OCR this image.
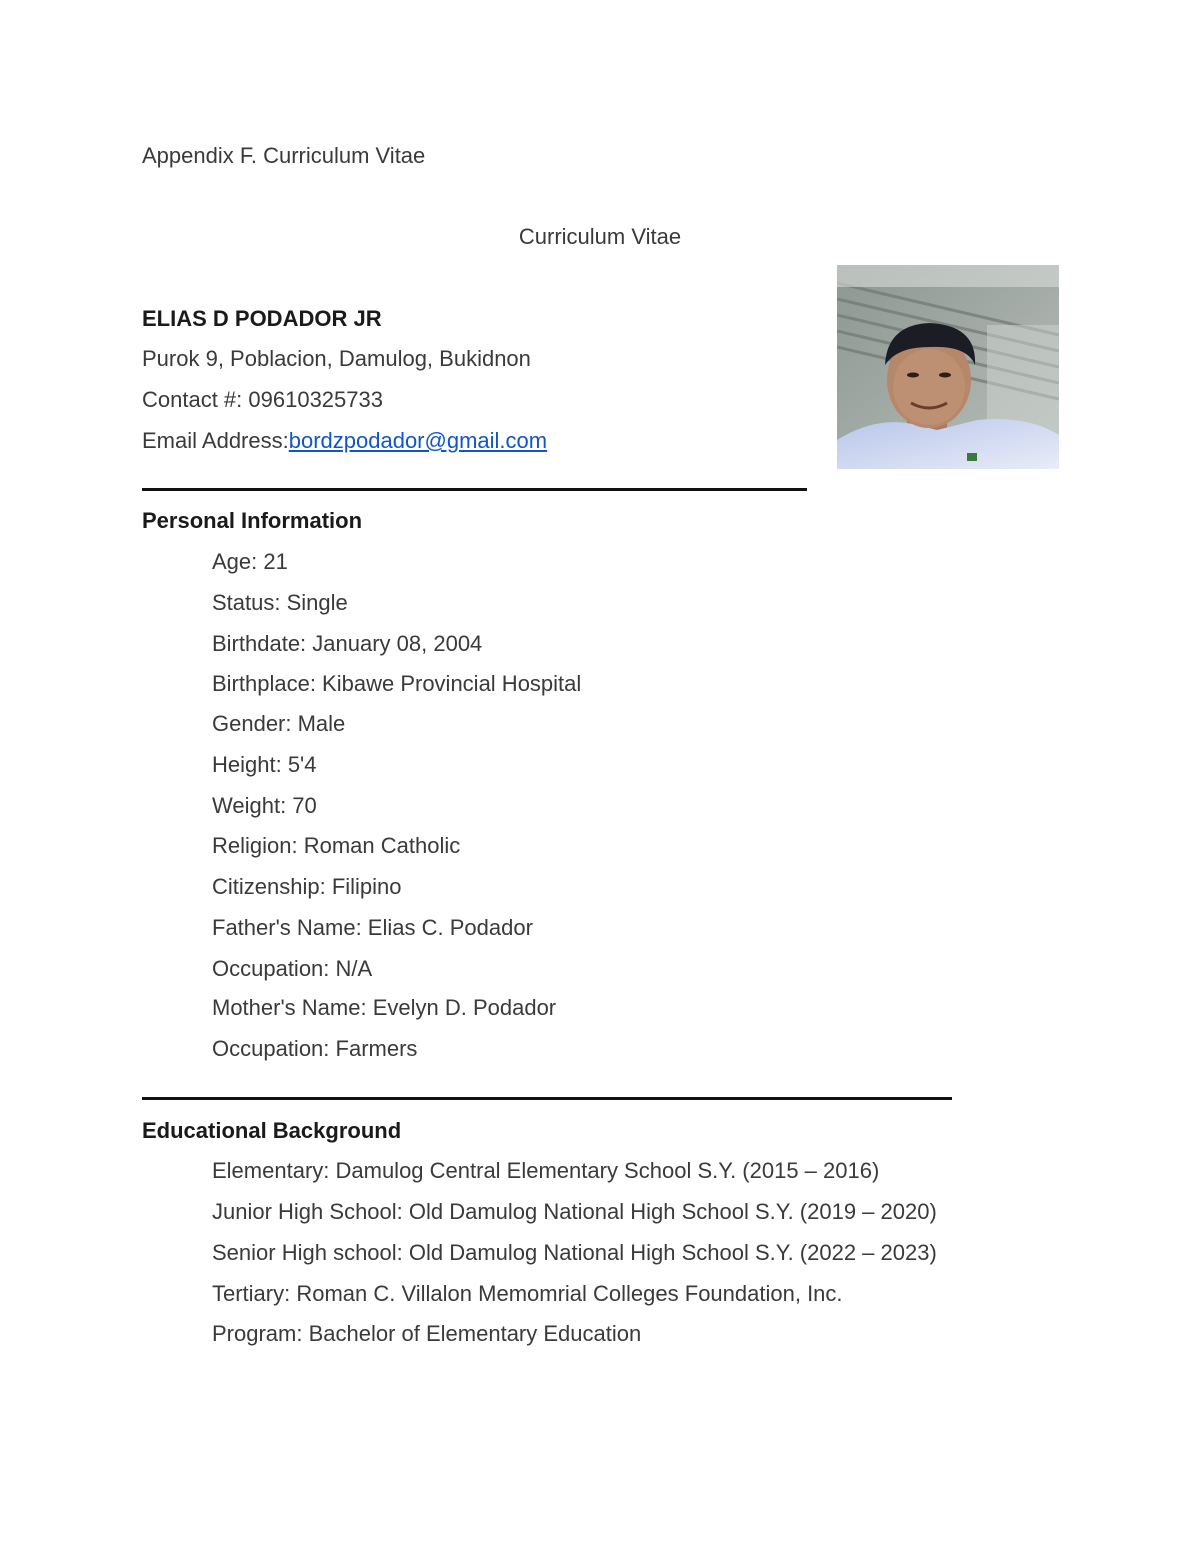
Appendix F. Curriculum Vitae
Curriculum Vitae
ELIAS D PODADOR JR
Purok 9, Poblacion, Damulog, Bukidnon
Contact #: 09610325733
Email Address:bordzpodador@gmail.com
Personal Information
Age: 21
Status: Single
Birthdate: January 08, 2004
Birthplace: Kibawe Provincial Hospital
Gender: Male
Height: 5'4
Weight: 70
Religion: Roman Catholic
Citizenship: Filipino
Father's Name: Elias C. Podador
Occupation: N/A
Mother's Name: Evelyn D. Podador
Occupation: Farmers
Educational Background
Elementary: Damulog Central Elementary School S.Y. (2015 – 2016)
Junior High School: Old Damulog National High School S.Y. (2019 – 2020)
Senior High school: Old Damulog National High School S.Y. (2022 – 2023)
Tertiary: Roman C. Villalon Memomrial Colleges Foundation, Inc.
Program: Bachelor of Elementary Education
